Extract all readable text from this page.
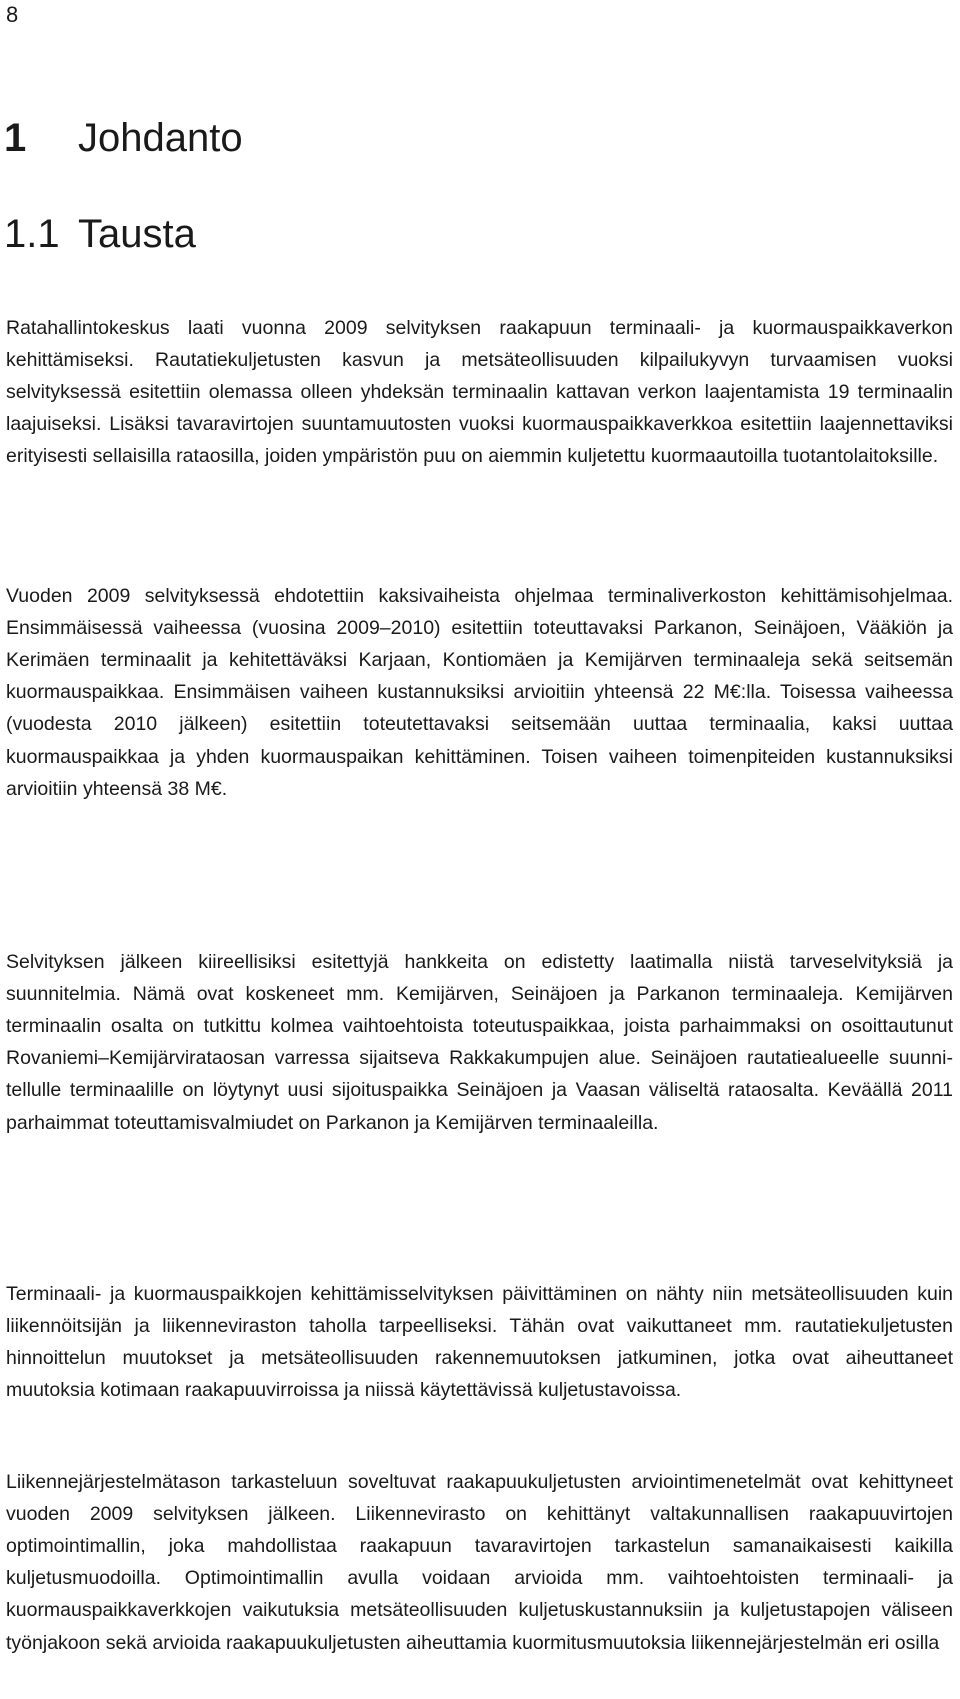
8
1 Johdanto
1.1 Tausta

Ratahallintokeskus laati vuonna 2009 selvityksen raakapuun terminaali- ja kuormauspaikkaverkon kehittämiseksi. Rautatiekuljetusten kasvun ja metsäteollisuuden kilpailukyvyn turvaamisen vuoksi selvityksessä esitettiin olemassa olleen yhdeksän terminaalin kattavan verkon laajentamista 19 terminaalin laajuiseksi. Lisäksi tavaravirtojen suuntamuutosten vuoksi kuormauspaikkaverkkoa esitettiin laajennettaviksi erityisesti sellaisilla rataosilla, joiden ympäristön puu on aiemmin kuljetettu kuormaautoilla tuotantolaitoksille.

Vuoden 2009 selvityksessä ehdotettiin kaksivaiheista ohjelmaa terminaliverkoston kehittämisohjelmaa. Ensimmäisessä vaiheessa (vuosina 2009–2010) esitettiin toteuttavaksi Parkanon, Seinäjoen, Vääkiön ja Kerimäen terminaalit ja kehitettäväksi Karjaan, Kontiomäen ja Kemijärven terminaaleja sekä seitsemän kuormauspaikkaa. Ensimmäisen vaiheen kustannuksiksi arvioitiin yhteensä 22 M€:lla. Toisessa vaiheessa (vuodesta 2010 jälkeen) esitettiin toteutettavaksi seitsemään uuttaa terminaalia, kaksi uuttaa kuormauspaikkaa ja yhden kuormauspaikan kehittäminen. Toisen vaiheen toimenpiteiden kustannuksiksi arvioitiin yhteensä 38 M€.

Selvityksen jälkeen kiireellisiksi esitettyjä hankkeita on edistetty laatimalla niistä tarveselvityksiä ja suunnitelmia. Nämä ovat koskeneet mm. Kemijärven, Seinäjoen ja Parkanon terminaaleja. Kemijärven terminaalin osalta on tutkittu kolmea vaihtoehtoista toteutuspaikkaa, joista parhaimmaksi on osoittautunut Rovaniemi–Kemijärvirataosan varressa sijaitseva Rakkakumpujen alue. Seinäjoen rautatiealueelle suunnitellulle terminaalille on löytynyt uusi sijoituspaikka Seinäjoen ja Vaasan väliseltä rataosalta. Keväällä 2011 parhaimmat toteuttamisvalmiudet on Parkanon ja Kemijärven terminaaleilla.

Terminaali- ja kuormauspaikkojen kehittämisselvityksen päivittäminen on nähty niin metsäteollisuuden kuin liikennöitsijän ja liikenneviraston taholla tarpeelliseksi. Tähän ovat vaikuttaneet mm. rautatiekuljetusten hinnoittelun muutokset ja metsäteollisuuden rakennemuutoksen jatkuminen, jotka ovat aiheuttaneet muutoksia kotimaan raakapuuvirroissa ja niissä käytettävissä kuljetustavoissa.

Liikennejärjestelmätason tarkasteluun soveltuvat raakapuukuljetusten arviointimenetelmät ovat kehittyneet vuoden 2009 selvityksen jälkeen. Liikennevirasto on kehittänyt valtakunnallisen raakapuuvirtojen optimointimallin, joka mahdollistaa raakapuun tavaravirtojen tarkastelun samanaikaisesti kaikilla kuljetusmuodoilla. Optimointimallin avulla voidaan arvioida mm. vaihtoehtoisten terminaali- ja kuormauspaikkaverkkojen vaikutuksia metsäteollisuuden kuljetuskustannuksiin ja kuljetustapojen väliseen työnjakoon sekä arvioida raakapuukuljetusten aiheuttamia kuormitusmuutoksia liikennejärjestelmän eri osilla
